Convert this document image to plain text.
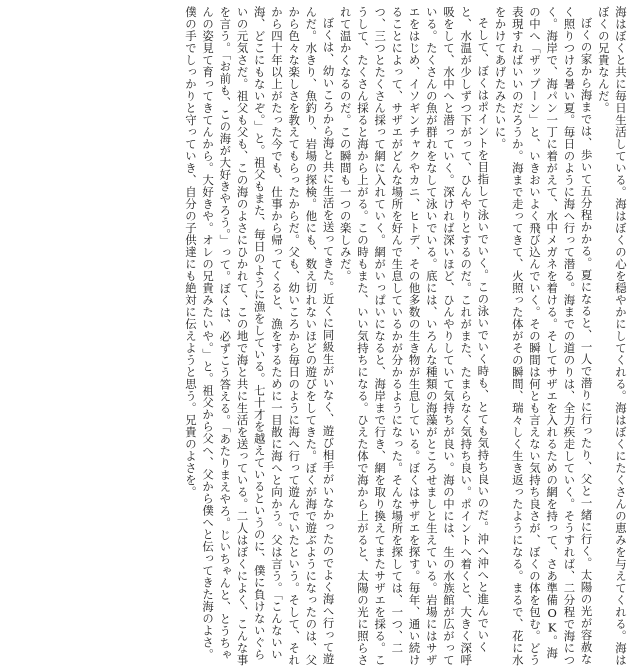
海はぼくと共に毎日生活している。海はぼくの心を穏やかにしてくれる。海はぼくにたくさんの恵みを与えてくれる。海はぼくの兄貴なんだ。

ぼくの家から海までは、歩いて五分程かかる。夏になると、一人で潜りに行ったり、父と一緒に行く。太陽の光が容赦なく照りつける暑い夏。毎日のように海へ行って潜る。海までの道のりは、全力疾走していく。そうすれば、二分程で海につく。海岸で、海パン一丁に着がえて、水中メガネを着ける。そしてサザエを入れるための網を持って、さあ準備OK。海の中へ「ザップーン」と、いきおいよく飛び込んでいく。その瞬間は何とも言えない気持ち良さが、ぼくの体を包む。どう表現すればいいのだろうか。海まで走ってきて、火照った体がその瞬間、瑞々しく生き返ったようになる。まるで、花に水をかけてあげたみたいに。

そして、ぼくはポイントを目指して泳いでいく。この泳いでいく時も、とても気持ち良いのだ。沖へ沖へと進んでいくと、水温が少しずつ下がって、ひんやりとするのだ。これがまた、たまらなく気持ち良い。ポイントへ着くと、大きく深呼吸をして、水中へと潜っていく。深ければ深いほど、ひんやりしていて気持ちが良い。海の中には、生の水族館が広がっている。たくさんの魚が群れをなして泳いでいる。底には、いろんな種類の海藻がところせましと生えている。岩場にはサザエをはじめ、イソギンチャクやカニ、ヒトデ、その他多数の生き物が生息している。ぼくはサザエを探す。毎年、通い続けることによって、サザエがどんな場所を好んで生息しているかが分かるようになった。そんな場所を探しては、一つ、二つ、三つとたくさん採って網に入れていく。網がいっぱいになると、海岸まで行き、網を取り換えてまたサザエを採る。こうして、たくさん採ると海から上がる。この時もまた、いい気持ちになる。ひえた体で海から上がると、太陽の光に照らされて温かくなるのだ。この瞬間も一つの楽しみだ。

ぼくは、幼いころから海と共に生活を送ってきた。近くに同級生がいなく、遊び相手がいなかったのでよく海へ行って遊んだ。水きり、魚釣り、岩場の探検。他にも、数え切れないほどの遊びをしてきた。ぼくが海で遊ぶようになったのは、父から色々な楽しさを教えてもらったからだ。父も、幼いころから毎日のように海へ行って遊んでいたという。そして、それから四十年以上がたった今でも、仕事から帰ってくると、漁をするために一目散に海へと向かう。父は言う。「こんないい海、どこにもないぞ。」と。祖父もまた、毎日のように漁をしている。七十才を越えているというのに、僕に負けないぐらいの元気さだ。祖父も父も、この海のよさにひかれて、この地で海と共に生活を送っている。二人はぼくによく、こんな事を言う。「お前も、この海が大好きやろう。」って。ぼくは、必ずこう答える。「あたりまえやろ。じいちゃんと、とうちゃんの姿見て育ってきてんから。大好きや。オレの兄貴みたいや。」と。祖父から父へ、父から僕へと伝ってきた海のよさ。僕の手でしっかりと守っていき、自分の子供達にも絶対に伝えようと思う。兄貴のよさを。
